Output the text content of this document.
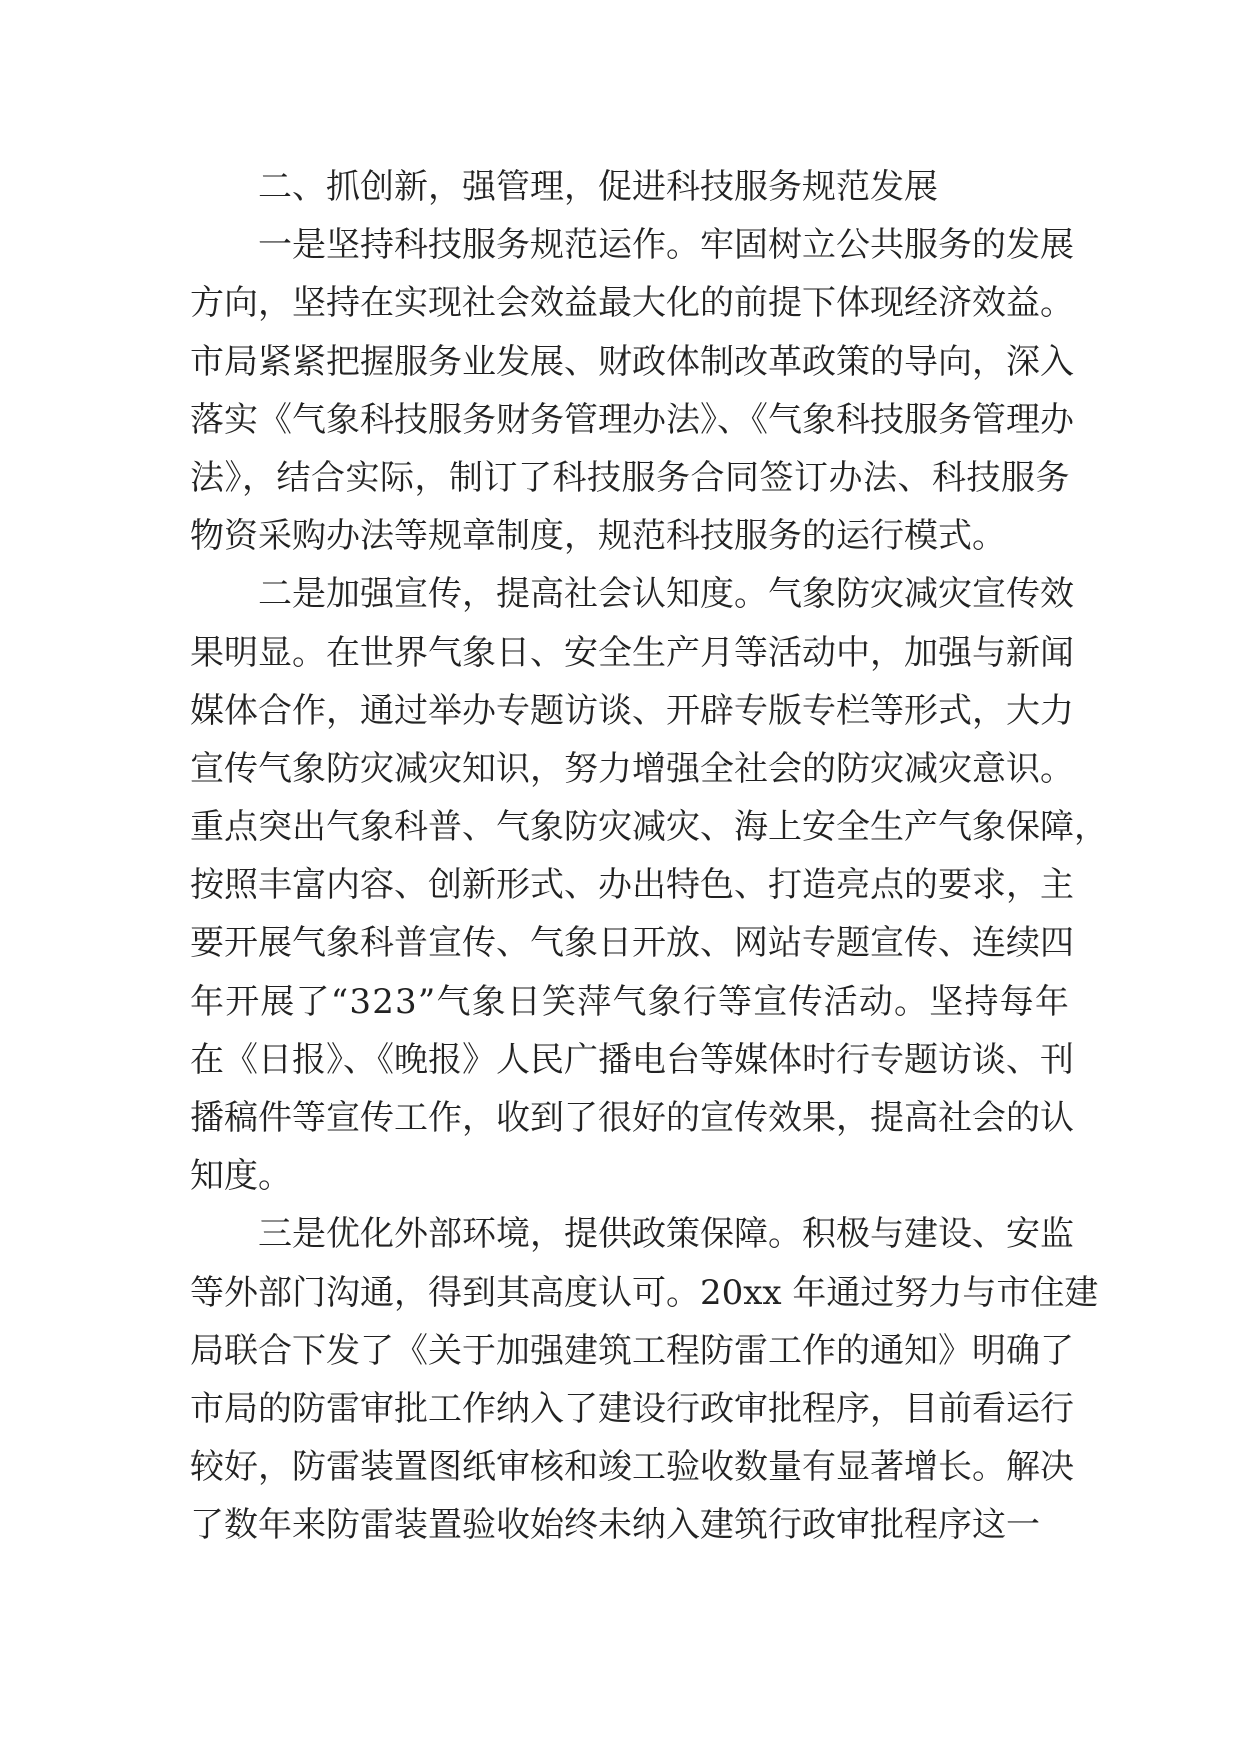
二、抓创新，强管理，促进科技服务规范发展
一是坚持科技服务规范运作。牢固树立公共服务的发展
方向，坚持在实现社会效益最大化的前提下体现经济效益。
市局紧紧把握服务业发展、财政体制改革政策的导向，深入
落实《气象科技服务财务管理办法》、《气象科技服务管理办
法》，结合实际，制订了科技服务合同签订办法、科技服务
物资采购办法等规章制度，规范科技服务的运行模式。
二是加强宣传，提高社会认知度。气象防灾减灾宣传效
果明显。在世界气象日、安全生产月等活动中，加强与新闻
媒体合作，通过举办专题访谈、开辟专版专栏等形式，大力
宣传气象防灾减灾知识，努力增强全社会的防灾减灾意识。
重点突出气象科普、气象防灾减灾、海上安全生产气象保障，
按照丰富内容、创新形式、办出特色、打造亮点的要求，主
要开展气象科普宣传、气象日开放、网站专题宣传、连续四
年开展了“323”气象日笑萍气象行等宣传活动。坚持每年
在《日报》、《晚报》人民广播电台等媒体时行专题访谈、刊
播稿件等宣传工作，收到了很好的宣传效果，提高社会的认
知度。
三是优化外部环境，提供政策保障。积极与建设、安监
等外部门沟通，得到其高度认可。20xx 年通过努力与市住建
局联合下发了《关于加强建筑工程防雷工作的通知》明确了
市局的防雷审批工作纳入了建设行政审批程序，目前看运行
较好，防雷装置图纸审核和竣工验收数量有显著增长。解决
了数年来防雷装置验收始终未纳入建筑行政审批程序这一
